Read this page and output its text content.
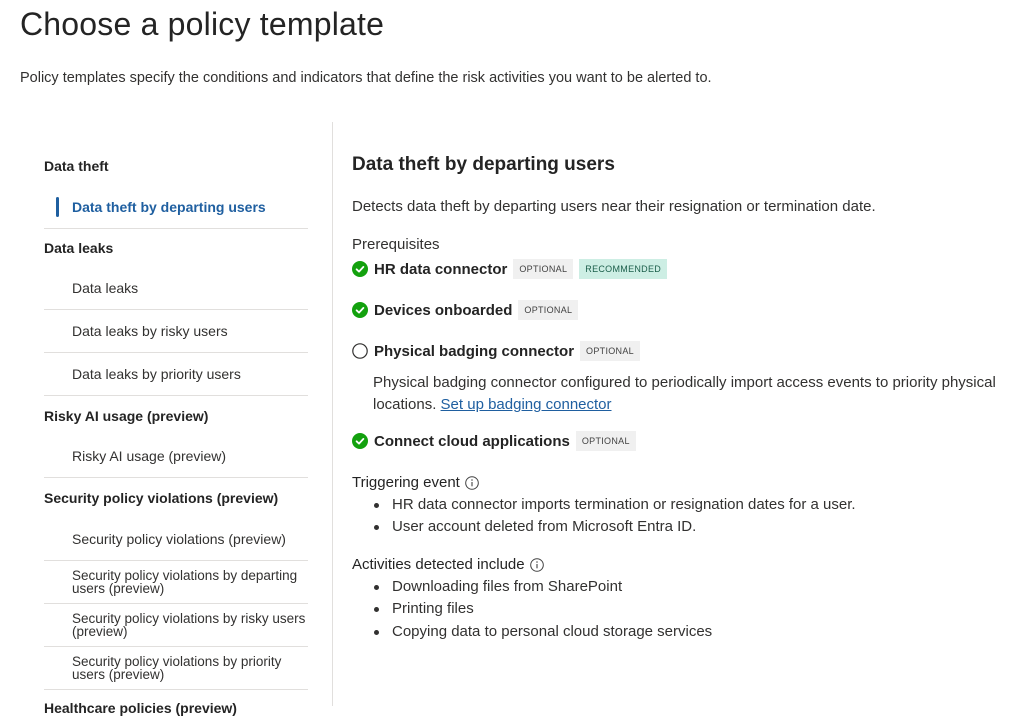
Choose a policy template

Policy templates specify the conditions and indicators that define the risk activities you want to be alerted to.

Data theft
Data theft by departing users
Data leaks
Data leaks
Data leaks by risky users
Data leaks by priority users
Risky AI usage (preview)
Risky AI usage (preview)
Security policy violations (preview)
Security policy violations (preview)
Security policy violations by departing users (preview)
Security policy violations by risky users (preview)
Security policy violations by priority users (preview)
Healthcare policies (preview)
Data theft by departing users

Detects data theft by departing users near their resignation or termination date.

Prerequisites
HR data connector	OPTIONAL	RECOMMENDED
Devices onboarded	OPTIONAL
Physical badging connector	OPTIONAL
Physical badging connector configured to periodically import access events to priority physical locations. Set up badging connector
Connect cloud applications	OPTIONAL
Triggering event
HR data connector imports termination or resignation dates for a user.
User account deleted from Microsoft Entra ID.
Activities detected include
Downloading files from SharePoint
Printing files
Copying data to personal cloud storage services
